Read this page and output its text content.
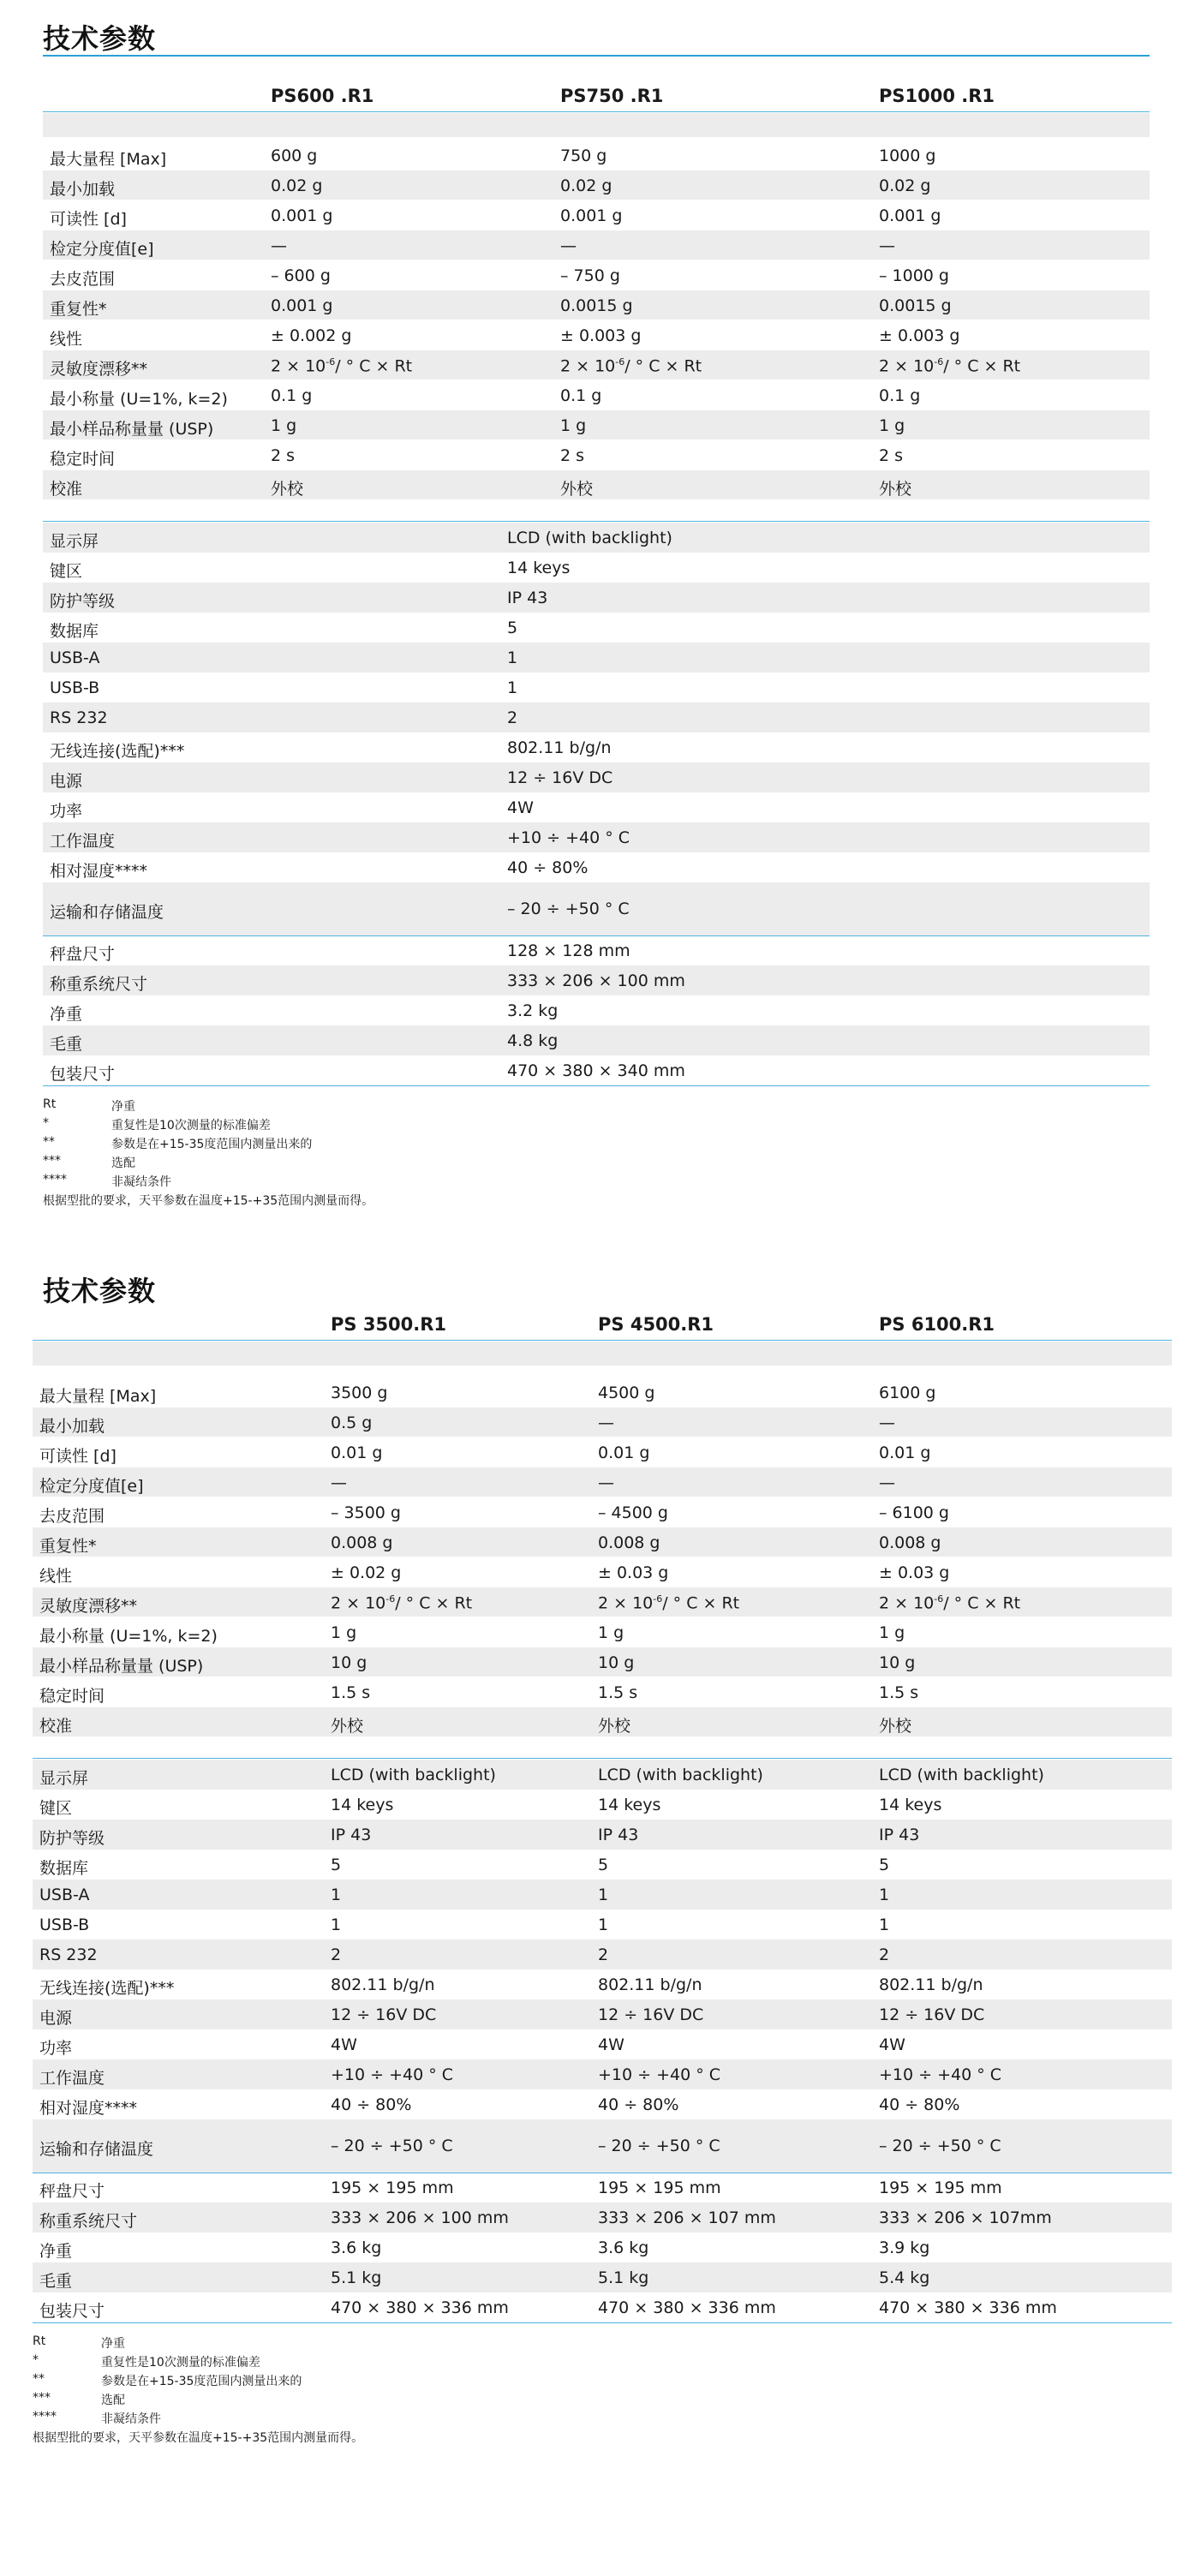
技术参数
PS600 .R1	PS750 .R1	PS1000 .R1
最大量程 [Max]	600 g	750 g	1000 g
最小加载	0.02 g	0.02 g	0.02 g
可读性 [d]	0.001 g	0.001 g	0.001 g
检定分度值[e]	—	—	—
去皮范围	– 600 g	– 750 g	– 1000 g
重复性*	0.001 g	0.0015 g	0.0015 g
线性	± 0.002 g	± 0.003 g	± 0.003 g
灵敏度漂移**	$2 \times 10^{-6}/$ ° C × Rt	$2 \times 10^{-6}/$ ° C × Rt	$2 \times 10^{-6}/$ ° C × Rt
最小称量 (U=1%, k=2)	0.1 g	0.1 g	0.1 g
最小样品称量量 (USP)	1 g	1 g	1 g
稳定时间	2 s	2 s	2 s
校准	外校	外校	外校
显示屏	LCD (with backlight)
键区	14 keys
防护等级	IP 43
数据库	5
USB-A	1
USB-B	1
RS 232	2
无线连接(选配)***	802.11 b/g/n
电源	12 ÷ 16V DC
功率	4W
工作温度	+10 ÷ +40 ° C
相对湿度****	40 ÷ 80%
运输和存储温度	– 20 ÷ +50 ° C
秤盘尺寸	128 × 128 mm
称重系统尺寸	333 × 206 × 100 mm
净重	3.2 kg
毛重	4.8 kg
包装尺寸	470 × 380 × 340 mm
Rt	净重
*	重复性是10次测量的标准偏差
**	参数是在+15-35度范围内测量出来的
***	选配
****	非凝结条件
根据型批的要求，天平参数在温度+15-+35范围内测量而得。
技术参数
PS 3500.R1	PS 4500.R1	PS 6100.R1
最大量程 [Max]	3500 g	4500 g	6100 g
最小加载	0.5 g	—	—
可读性 [d]	0.01 g	0.01 g	0.01 g
检定分度值[e]	—	—	—
去皮范围	– 3500 g	– 4500 g	– 6100 g
重复性*	0.008 g	0.008 g	0.008 g
线性	± 0.02 g	± 0.03 g	± 0.03 g
灵敏度漂移**	$2 \times 10^{-6}/$ ° C × Rt	$2 \times 10^{-6}/$ ° C × Rt	$2 \times 10^{-6}/$ ° C × Rt
最小称量 (U=1%, k=2)	1 g	1 g	1 g
最小样品称量量 (USP)	10 g	10 g	10 g
稳定时间	1.5 s	1.5 s	1.5 s
校准	外校	外校	外校
显示屏	LCD (with backlight)	LCD (with backlight)	LCD (with backlight)
键区	14 keys	14 keys	14 keys
防护等级	IP 43	IP 43	IP 43
数据库	5	5	5
USB-A	1	1	1
USB-B	1	1	1
RS 232	2	2	2
无线连接(选配)***	802.11 b/g/n	802.11 b/g/n	802.11 b/g/n
电源	12 ÷ 16V DC	12 ÷ 16V DC	12 ÷ 16V DC
功率	4W	4W	4W
工作温度	+10 ÷ +40 ° C	+10 ÷ +40 ° C	+10 ÷ +40 ° C
相对湿度****	40 ÷ 80%	40 ÷ 80%	40 ÷ 80%
运输和存储温度	– 20 ÷ +50 ° C	– 20 ÷ +50 ° C	– 20 ÷ +50 ° C
秤盘尺寸	195 × 195 mm	195 × 195 mm	195 × 195 mm
称重系统尺寸	333 × 206 × 100 mm	333 × 206 × 107 mm	333 × 206 × 107mm
净重	3.6 kg	3.6 kg	3.9 kg
毛重	5.1 kg	5.1 kg	5.4 kg
包装尺寸	470 × 380 × 336 mm	470 × 380 × 336 mm	470 × 380 × 336 mm
Rt	净重
*	重复性是10次测量的标准偏差
**	参数是在+15-35度范围内测量出来的
***	选配
****	非凝结条件
根据型批的要求，天平参数在温度+15-+35范围内测量而得。
